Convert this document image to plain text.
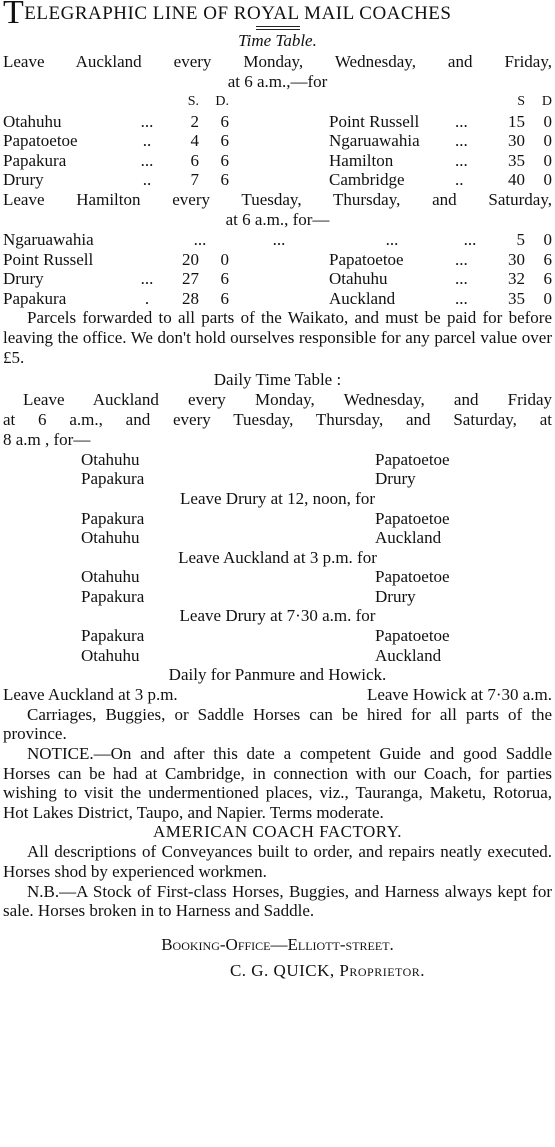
TELEGRAPHIC LINE OF ROYAL MAIL COACHES
Time Table.
Leave Auckland every Monday, Wednesday, and Friday,
at 6 a.m.,—for
		S.	D.				S	D
Otahuhu	...	2	6		Point Russell	...	15	0
Papatoetoe	..	4	6		Ngaruawahia	...	30	0
Papakura	...	6	6		Hamilton	...	35	0
Drury	..	7	6		Cambridge	..	40	0
Leave Hamilton every Tuesday, Thursday, and Saturday,
at 6 a.m., for—
Ngaruawahia		...		...	...	...	5	0
Point Russell		20	0		Papatoetoe	...	30	6
Drury	...	27	6		Otahuhu	...	32	6
Papakura	.	28	6		Auckland	...	35	0
Parcels forwarded to all parts of the Waikato, and must be paid for before leaving the office. We don't hold ourselves responsible for any parcel value over £5.
Daily Time Table :
Leave Auckland every Monday, Wednesday, and Friday
at 6 a.m., and every Tuesday, Thursday, and Saturday, at
8 a.m , for—
Otahuhu	Papatoetoe
Papakura	Drury
Leave Drury at 12, noon, for
Papakura	Papatoetoe
Otahuhu	Auckland
Leave Auckland at 3 p.m. for
Otahuhu	Papatoetoe
Papakura	Drury
Leave Drury at 7·30 a.m. for
Papakura	Papatoetoe
Otahuhu	Auckland
Daily for Panmure and Howick.
Leave Auckland at 3 p.m.	Leave Howick at 7·30 a.m.
Carriages, Buggies, or Saddle Horses can be hired for all parts of the province.
NOTICE.—On and after this date a competent Guide and good Saddle Horses can be had at Cambridge, in connection with our Coach, for parties wishing to visit the undermentioned places, viz., Tauranga, Maketu, Rotorua, Hot Lakes District, Taupo, and Napier. Terms moderate.
AMERICAN COACH FACTORY.
All descriptions of Conveyances built to order, and repairs neatly executed. Horses shod by experienced workmen.
N.B.—A Stock of First-class Horses, Buggies, and Harness always kept for sale. Horses broken in to Harness and Saddle.
Booking-Office—Elliott-street.
C. G. QUICK, Proprietor.
